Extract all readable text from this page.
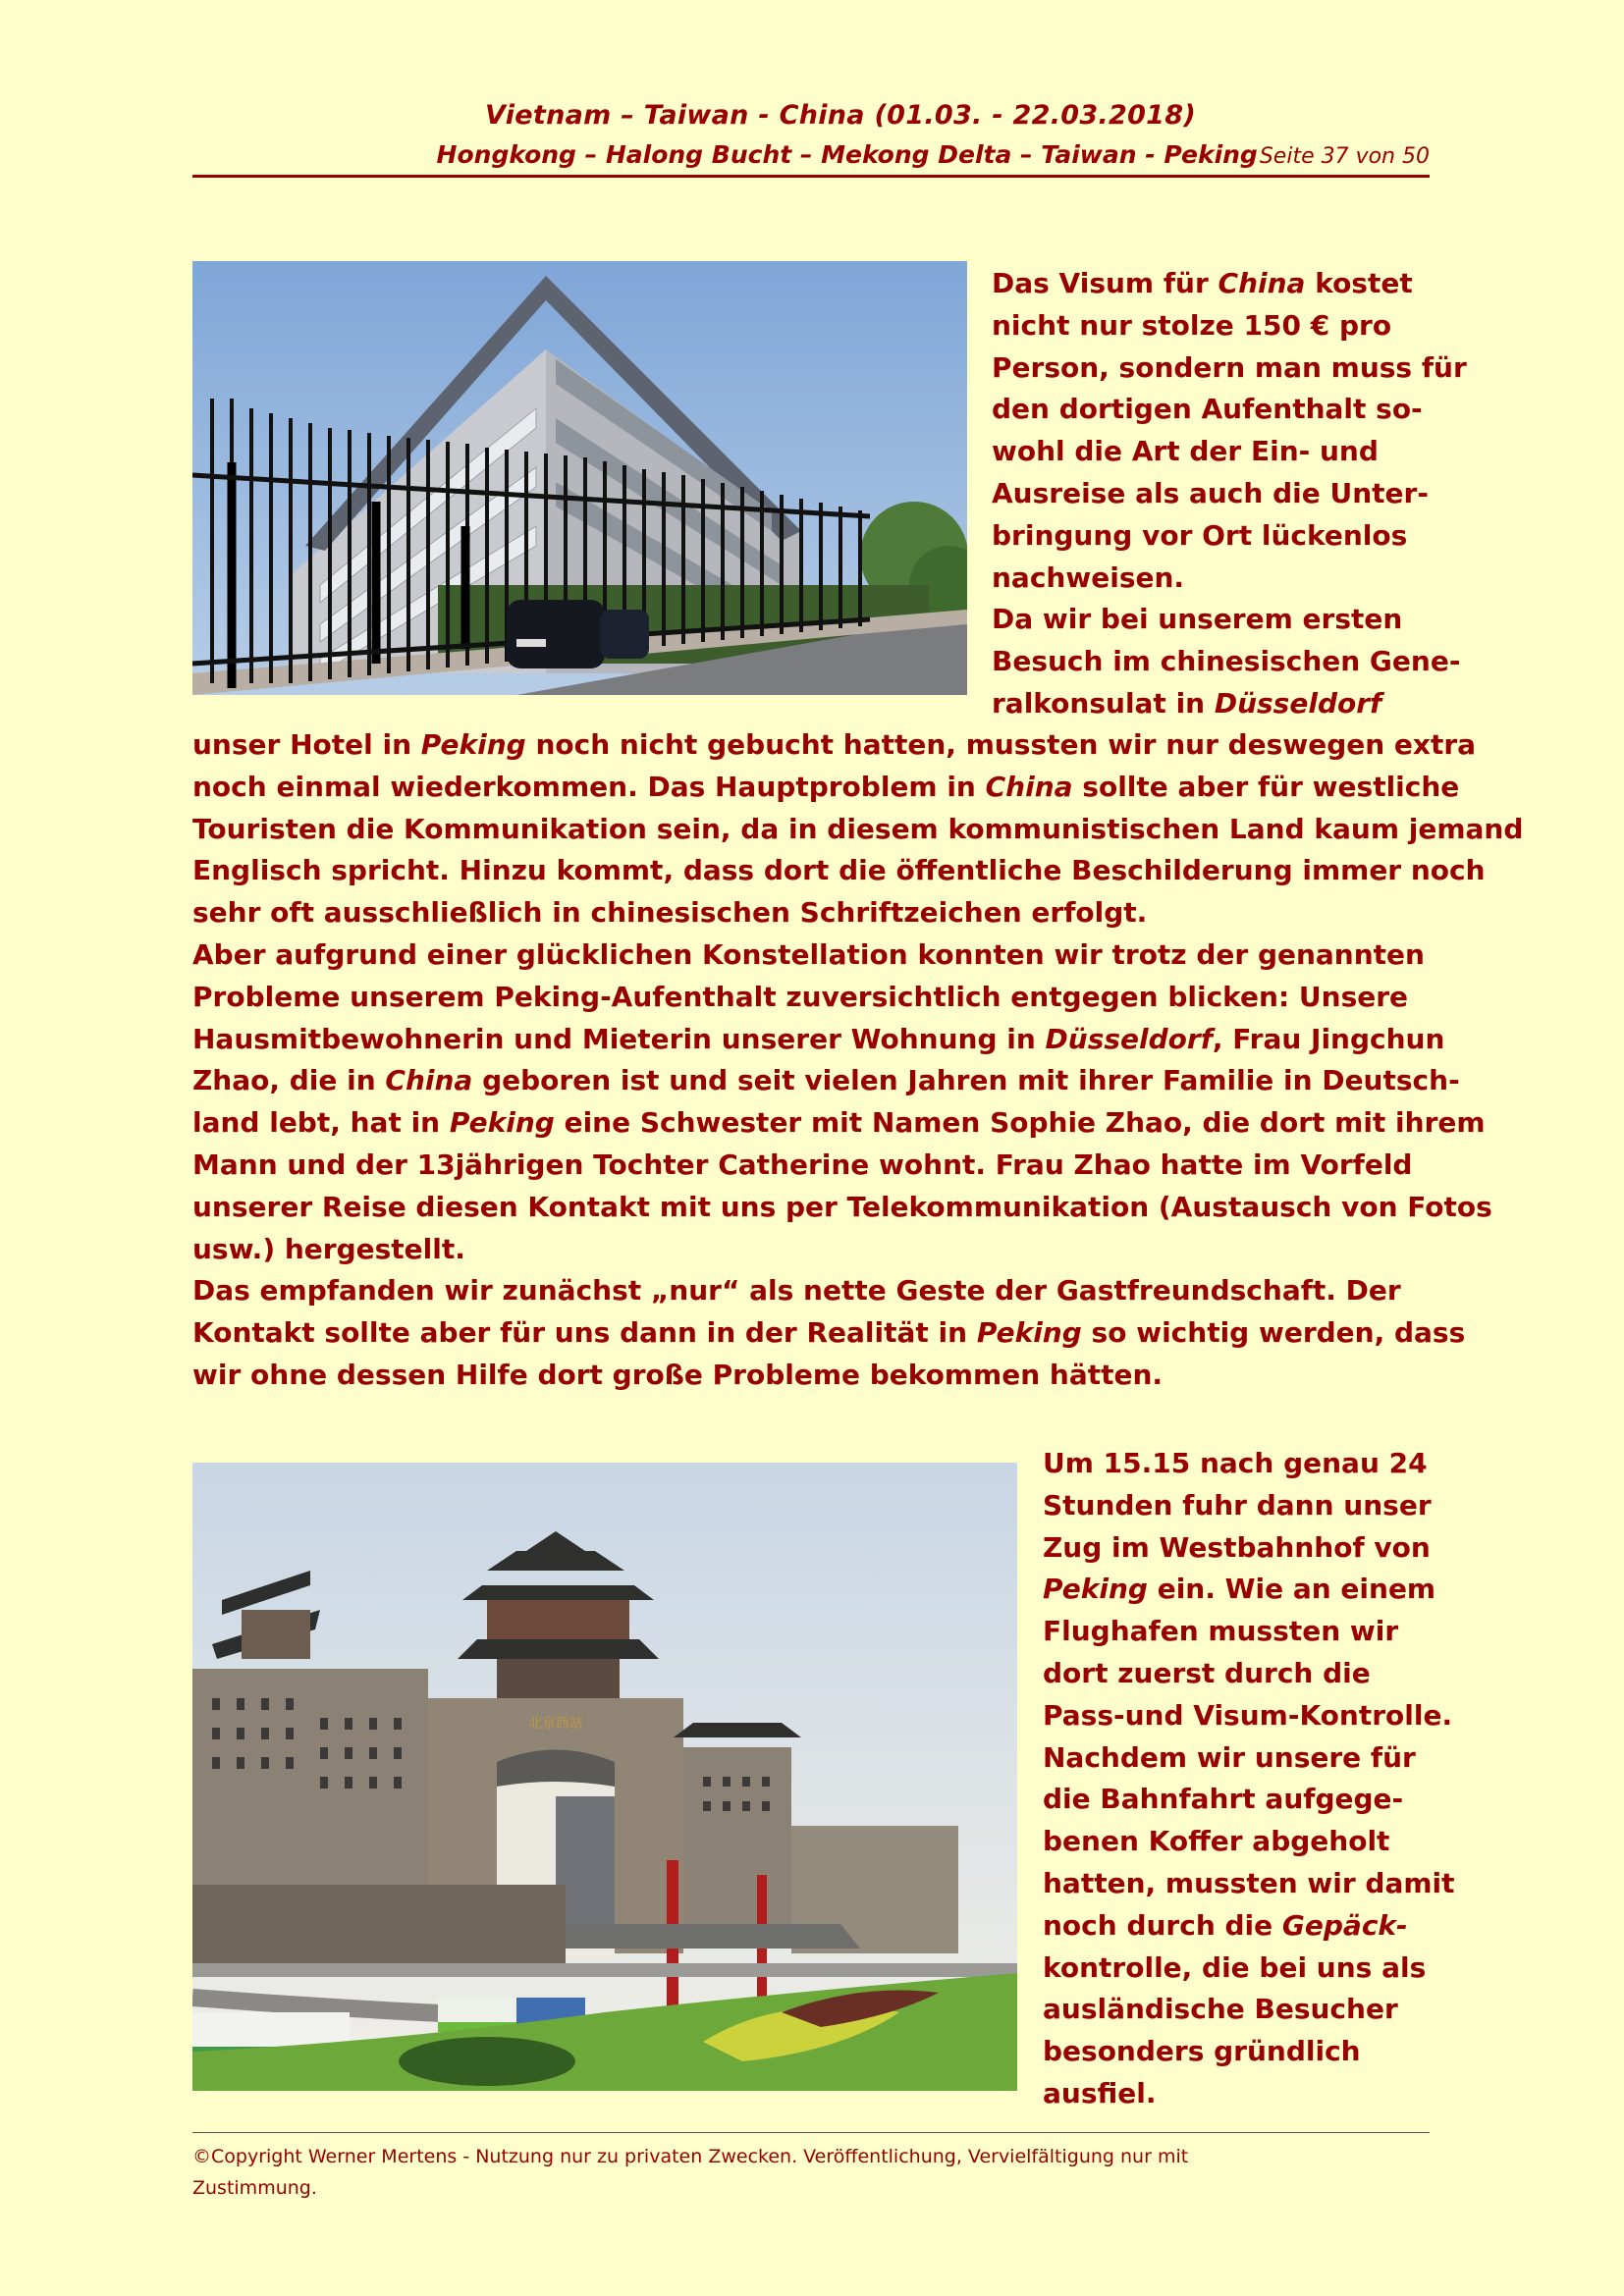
Vietnam – Taiwan - China (01.03. - 22.03.2018)
Hongkong – Halong Bucht – Mekong Delta – Taiwan - PekingSeite 37 von 50
Das Visum für China kostet
nicht nur stolze 150 € pro
Person, sondern man muss für
den dortigen Aufenthalt so-
wohl die Art der Ein- und
Ausreise als auch die Unter-
bringung vor Ort lückenlos
nachweisen.
Da wir bei unserem ersten
Besuch im chinesischen Gene-
ralkonsulat in Düsseldorf
unser Hotel in Peking noch nicht gebucht hatten, mussten wir nur deswegen extra
noch einmal wiederkommen. Das Hauptproblem in China sollte aber für westliche
Touristen die Kommunikation sein, da in diesem kommunistischen Land kaum jemand
Englisch spricht. Hinzu kommt, dass dort die öffentliche Beschilderung immer noch
sehr oft ausschließlich in chinesischen Schriftzeichen erfolgt.
Aber aufgrund einer glücklichen Konstellation konnten wir trotz der genannten
Probleme unserem Peking-Aufenthalt zuversichtlich entgegen blicken: Unsere
Hausmitbewohnerin und Mieterin unserer Wohnung in Düsseldorf, Frau Jingchun
Zhao, die in China geboren ist und seit vielen Jahren mit ihrer Familie in Deutsch-
land lebt, hat in Peking eine Schwester mit Namen Sophie Zhao, die dort mit ihrem
Mann und der 13jährigen Tochter Catherine wohnt. Frau Zhao hatte im Vorfeld
unserer Reise diesen Kontakt mit uns per Telekommunikation (Austausch von Fotos
usw.) hergestellt.
Das empfanden wir zunächst „nur“ als nette Geste der Gastfreundschaft. Der
Kontakt sollte aber für uns dann in der Realität in Peking so wichtig werden, dass
wir ohne dessen Hilfe dort große Probleme bekommen hätten.
北京西站
Um 15.15 nach genau 24
Stunden fuhr dann unser
Zug im Westbahnhof von
Peking ein. Wie an einem
Flughafen mussten wir
dort zuerst durch die
Pass-und Visum-Kontrolle.
Nachdem wir unsere für
die Bahnfahrt aufgege-
benen Koffer abgeholt
hatten, mussten wir damit
noch durch die Gepäck-
kontrolle, die bei uns als
ausländische Besucher
besonders gründlich
ausfiel.
©Copyright Werner Mertens - Nutzung nur zu privaten Zwecken. Veröffentlichung, Vervielfältigung nur mit
Zustimmung.
